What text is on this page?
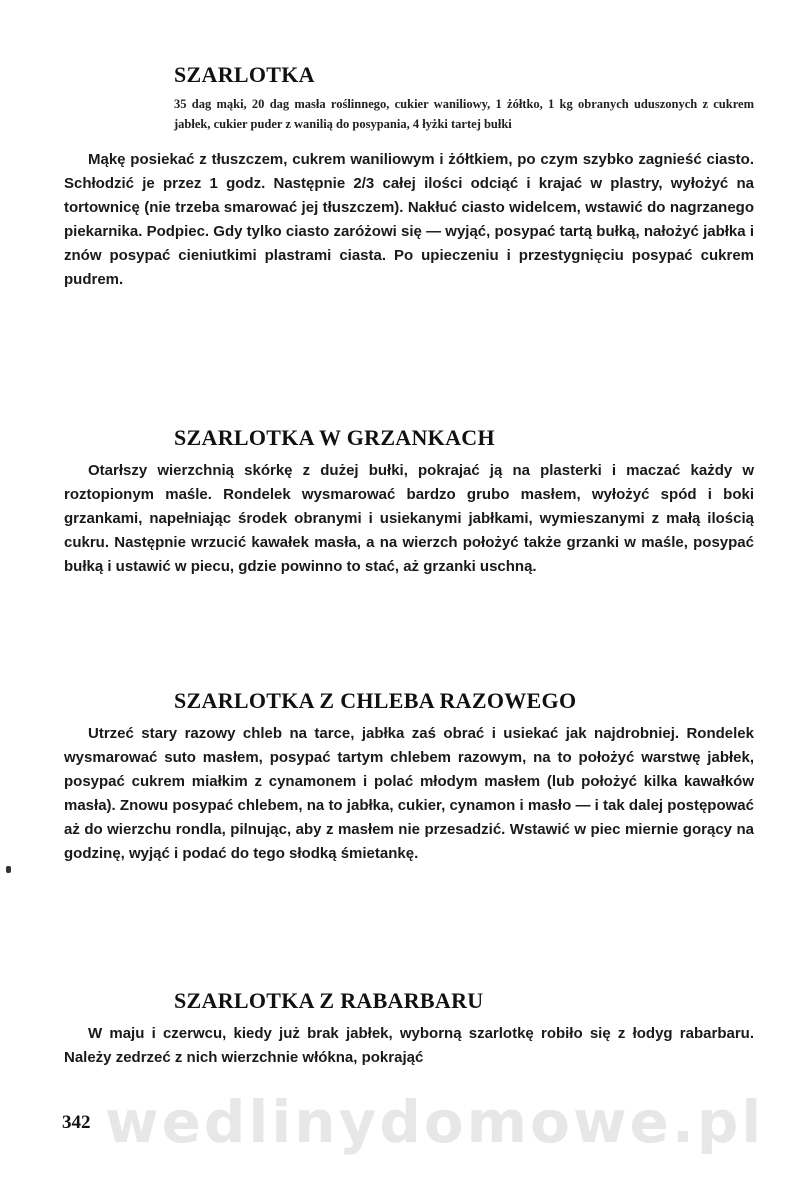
SZARLOTKA

35 dag mąki, 20 dag masła roślinnego, cukier waniliowy, 1 żółtko, 1 kg obranych uduszonych z cukrem jabłek, cukier puder z wanilią do posypania, 4 łyżki tartej bułki

Mąkę posiekać z tłuszczem, cukrem waniliowym i żółtkiem, po czym szybko zagnieść ciasto. Schłodzić je przez 1 godz. Następnie 2/3 całej ilości odciąć i krajać w plastry, wyłożyć na tortownicę (nie trzeba smarować jej tłuszczem). Nakłuć ciasto widelcem, wstawić do nagrzanego piekarnika. Podpiec. Gdy tylko ciasto zaróżowi się — wyjąć, posypać tartą bułką, nałożyć jabłka i znów posypać cieniutkimi plastrami ciasta. Po upieczeniu i przestygnięciu posypać cukrem pudrem.

SZARLOTKA W GRZANKACH

Otarłszy wierzchnią skórkę z dużej bułki, pokrajać ją na plasterki i maczać każdy w roztopionym maśle. Rondelek wysmarować bardzo grubo masłem, wyłożyć spód i boki grzankami, napełniając środek obranymi i usiekanymi jabłkami, wymieszanymi z małą ilością cukru. Następnie wrzucić kawałek masła, a na wierzch położyć także grzanki w maśle, posypać bułką i ustawić w piecu, gdzie powinno to stać, aż grzanki uschną.

SZARLOTKA Z CHLEBA RAZOWEGO

Utrzeć stary razowy chleb na tarce, jabłka zaś obrać i usiekać jak najdrobniej. Rondelek wysmarować suto masłem, posypać tartym chlebem razowym, na to położyć warstwę jabłek, posypać cukrem miałkim z cynamonem i polać młodym masłem (lub położyć kilka kawałków masła). Znowu posypać chlebem, na to jabłka, cukier, cynamon i masło — i tak dalej postępować aż do wierzchu rondla, pilnując, aby z masłem nie przesadzić. Wstawić w piec miernie gorący na godzinę, wyjąć i podać do tego słodką śmietankę.

SZARLOTKA Z RABARBARU

W maju i czerwcu, kiedy już brak jabłek, wyborną szarlotkę robiło się z łodyg rabarbaru. Należy zedrzeć z nich wierzchnie włókna, pokrająć

wedlinydomowe.pl
342
